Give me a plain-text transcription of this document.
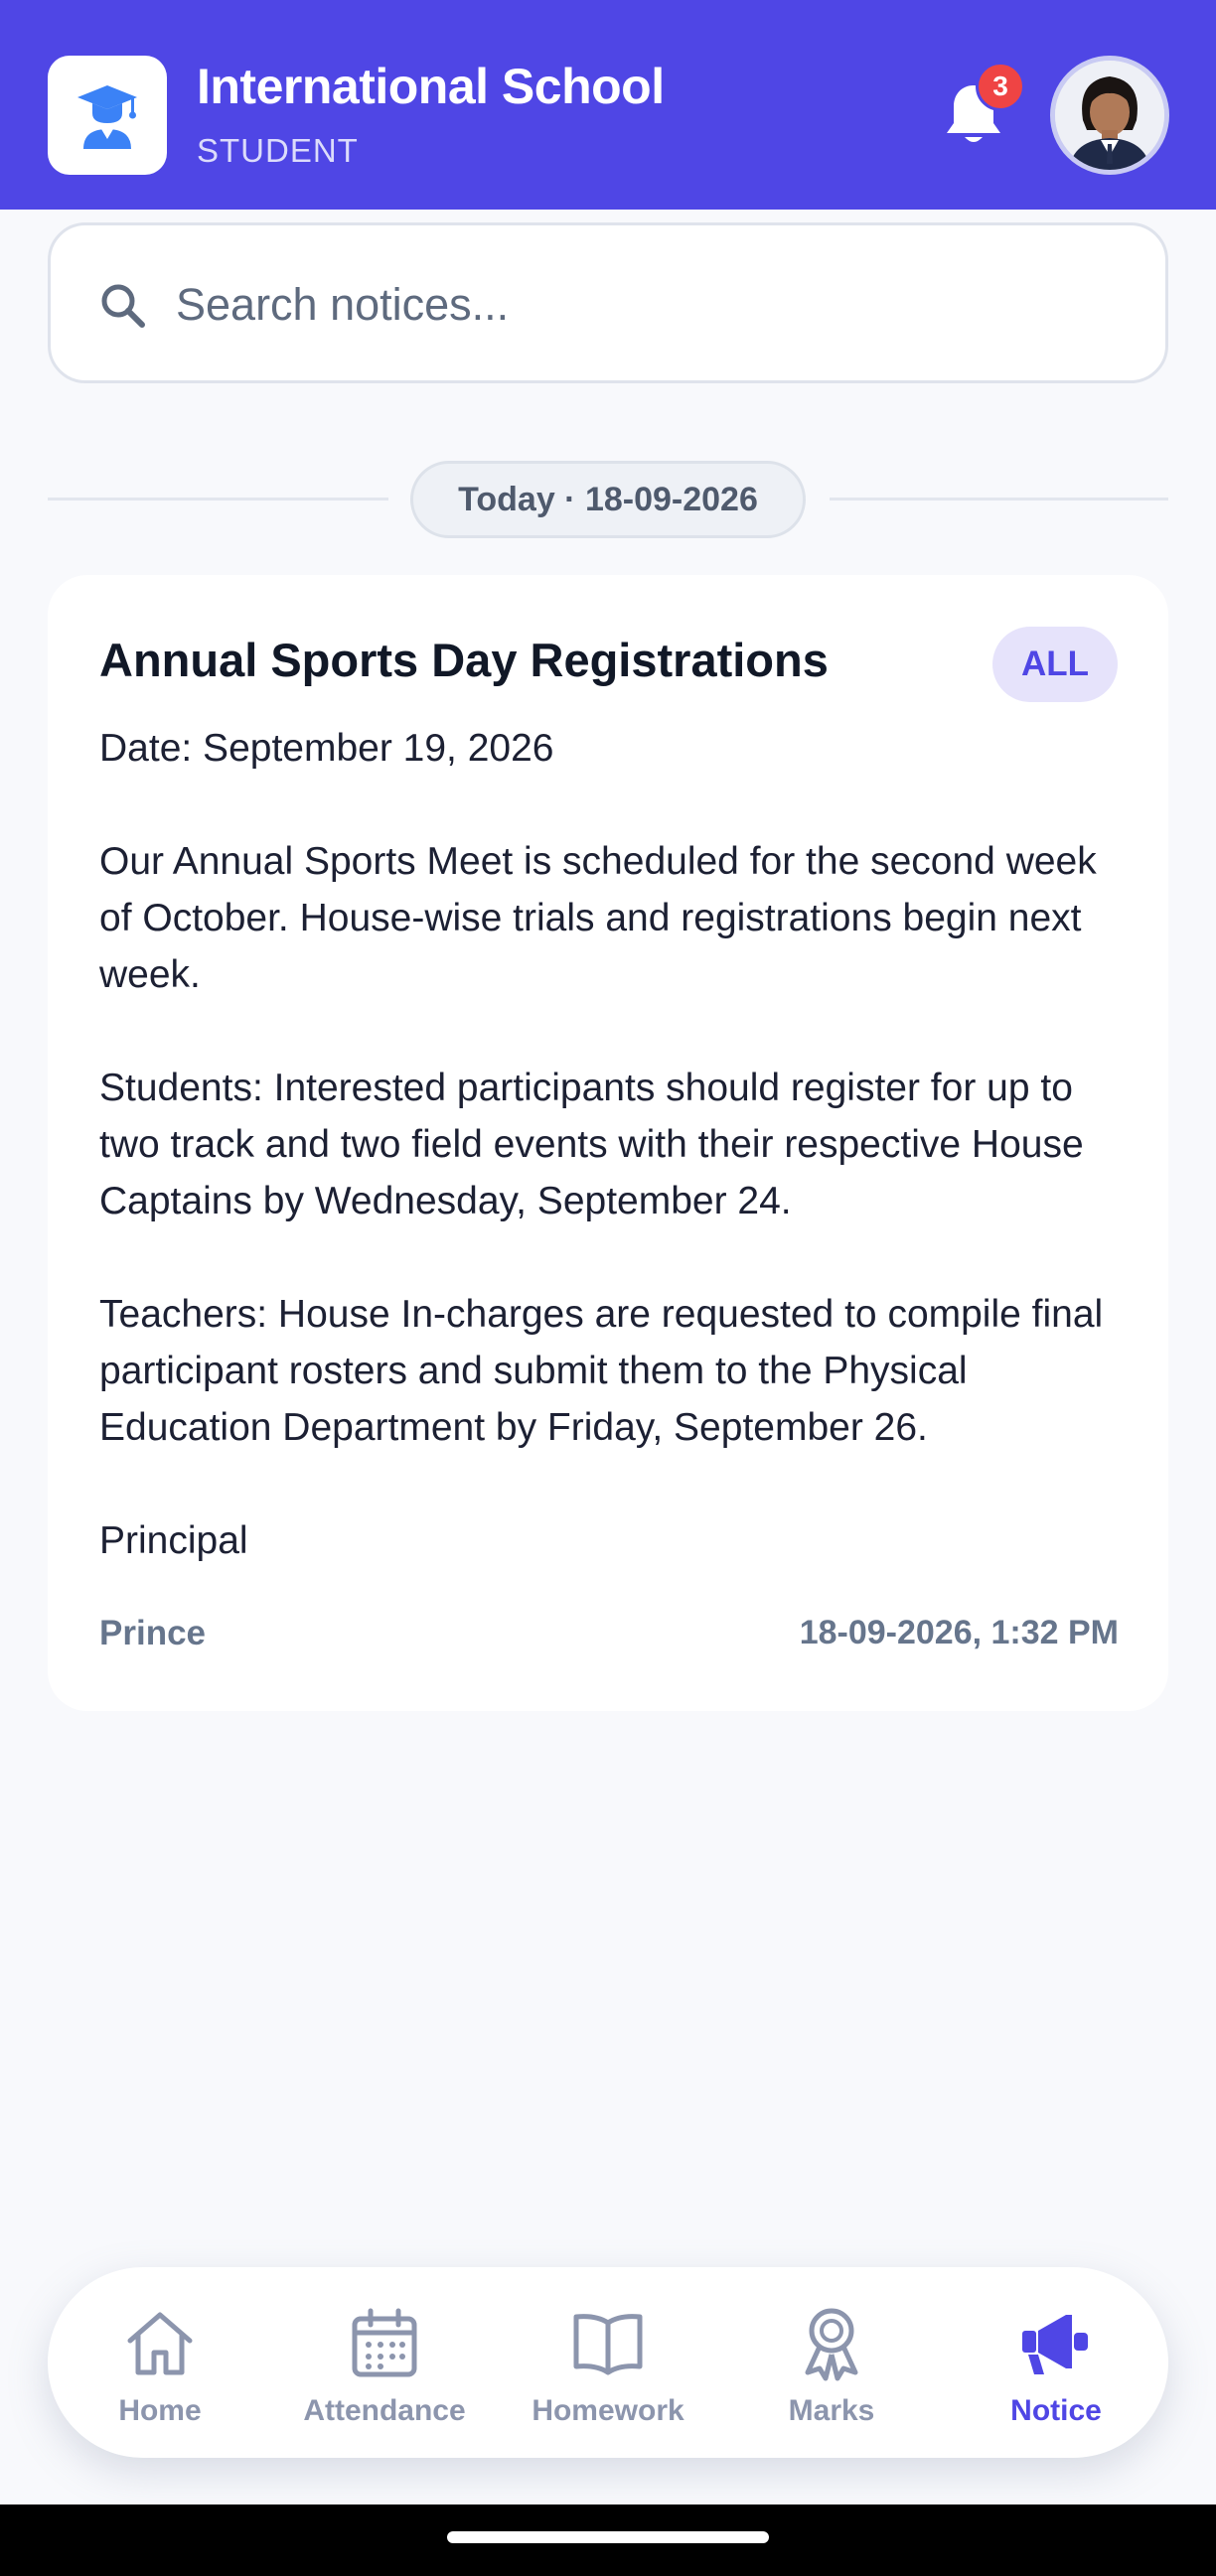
International School
STUDENT
3
Search notices...
Today · 18-09-2026
Annual Sports Day Registrations	ALL

Date: September 19, 2026

Our Annual Sports Meet is scheduled for the second week of October. House-wise trials and registrations begin next week.

Students: Interested participants should register for up to two track and two field events with their respective House Captains by Wednesday, September 24.

Teachers: House In-charges are requested to compile final participant rosters and submit them to the Physical Education Department by Friday, September 26.

Principal

Prince	18-09-2026, 1:32 PM
Home	Attendance Homework	Marks	Notice
